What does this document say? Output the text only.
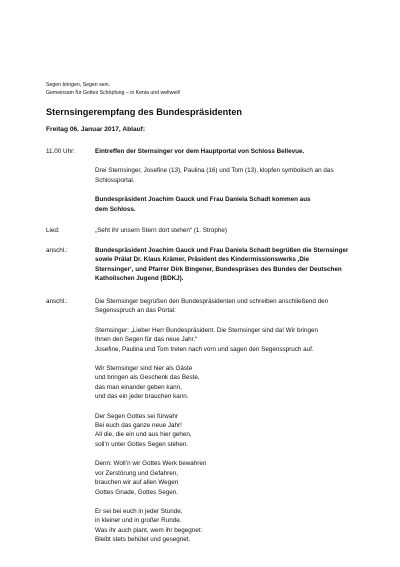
Segen bringen, Segen sein.
Gemeinsam für Gottes Schöpfung – in Kenia und weltweit!
Sternsingerempfang des Bundespräsidenten
Freitag 06. Januar 2017, Ablauf:
11.00 Uhr:	Eintreffen der Sternsinger vor dem Hauptportal von Schloss Bellevue.
Drei Sternsinger, Josefine (13), Paulina (16) und Tom (13), klopfen symbolisch an das
Schlossportal.
Bundespräsident Joachim Gauck und Frau Daniela Schadt kommen aus
dem Schloss.
Lied:	„Seht ihr unsern Stern dort stehen“ (1. Strophe)
anschl.:	Bundespräsident Joachim Gauck und Frau Daniela Schadt begrüßen die Sternsinger
sowie Prälat Dr. Klaus Krämer, Präsident des Kindermissionswerks ‚Die
Sternsinger‘, und Pfarrer Dirk Bingener, Bundespräses des Bundes der Deutschen
Katholischen Jugend (BDKJ).
anschl.:	Die Sternsinger begrüßen den Bundespräsidenten und schreiben anschließend den
Segensspruch an das Portal:
Sternsinger: „Lieber Herr Bundespräsident. Die Sternsinger sind da! Wir bringen
Ihnen den Segen für das neue Jahr.“
Josefine, Paulina und Tom treten nach vorn und sagen den Segensspruch auf.
Wir Sternsinger sind hier als Gäste
und bringen als Geschenk das Beste,
das man einander geben kann,
und das ein jeder brauchen kann.
Der Segen Gottes sei fürwahr
Bei euch das ganze neue Jahr!
All die, die ein und aus hier gehen,
soll’n unter Gottes Segen stehen.
Denn: Woll’n wir Gottes Werk bewahren
vor Zerstörung und Gefahren,
brauchen wir auf allen Wegen
Gottes Gnade, Gottes Segen.
Er sei bei euch in jeder Stunde,
in kleiner und in großer Runde.
Was ihr auch plant, wem ihr begegnet:
Bleibt stets behütet und gesegnet.
